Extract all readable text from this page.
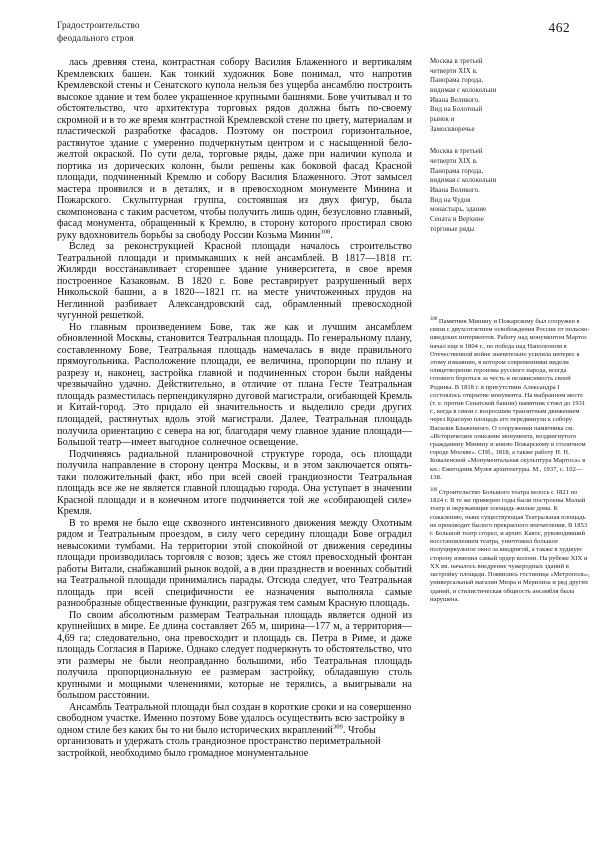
Градостроительство
феодального строя
462

лась древняя стена, контрастная собору Василия Блаженного и вертикалям Кремлевских башен. Как тонкий художник Бове понимал, что напротив Кремлевской стены и Сенатского купола нельзя без ущерба ансамблю построить высокое здание и тем более украшенное крупными башнями. Бове учитывал и то обстоятельство, что архитектура торговых рядов должна быть по-своему скромной и в то же время контрастной Кремлевской стене по цвету, материалам и пластической разработке фасадов. Поэтому он построил горизонтальное, растянутое здание с умеренно подчеркнутым центром и с насыщенной бело-желтой окраской. По сути дела, торговые ряды, даже при наличии купола и портика из дорических колонн, были решены как боковой фасад Красной площади, подчиненный Кремлю и собору Василия Блаженного. Этот замысел мастера проявился и в деталях, и в превосходном монументе Минина и Пожарского. Скульптурная группа, состоявшая из двух фигур, была скомпонована с таким расчетом, чтобы получить лишь один, безусловно главный, фасад монумента, обращенный к Кремлю, в сторону которого простирал свою руку вдохновитель борьбы за свободу России Козьма Минин$^{308}$.

Вслед за реконструкцией Красной площади началось строительство Театральной площади и примыкавших к ней ансамблей. В 1817—1818 гг. Жилярди восстанавливает сгоревшее здание университета, в свое время построенное Казаковым. В 1820 г. Бове реставрирует разрушенный верх Никольской башни, а в 1820—1821 гг. на месте уничтоженных прудов на Неглинной разбивает Александровский сад, обрамленный превосходной чугунной решеткой.

Но главным произведением Бове, так же как и лучшим ансамблем обновленной Москвы, становится Театральная площадь. По генеральному плану, составленному Бове, Театральная площадь намечалась в виде правильного прямоугольника. Расположение площади, ее величина, пропорции по плану и разрезу и, наконец, застройка главной и подчиненных сторон были найдены чрезвычайно удачно. Действительно, в отличие от плана Гесте Театральная площадь разместилась перпендикулярно дуговой магистрали, огибающей Кремль и Китай-город. Это придало ей значительность и выделило среди других площадей, растянутых вдоль этой магистрали. Далее, Театральная площадь получила ориентацию с севера на юг, благодаря чему главное здание площади—Большой театр—имеет выгодное солнечное освещение.

Подчиняясь радиальной планировочной структуре города, ось площади получила направление в сторону центра Москвы, и в этом заключается опять-таки положительный факт, ибо при всей своей грандиозности Театральная площадь все же не является главной площадью города. Она уступает в значении Красной площади и в конечном итоге подчиняется той же «собирающей силе» Кремля.

В то время не было еще сквозного интенсивного движения между Охотным рядом и Театральным проездом, в силу чего середину площади Бове оградил невысокими тумбами. На территории этой спокойной от движения середины площади производилась торговля с возов; здесь же стоял превосходный фонтан работы Витали, снабжавший рынок водой, а в дни празднеств и военных событий на Театральной площади принимались парады. Отсюда следует, что Театральная площадь при всей специфичности ее назначения выполняла самые разнообразные общественные функции, разгружая тем самым Красную площадь.

По своим абсолютным размерам Театральная площадь является одной из крупнейших в мире. Ее длина составляет 265 м, ширина—177 м, а территория—4,69 га; следовательно, она превосходит и площадь св. Петра в Риме, и даже площадь Согласия в Париже. Однако следует подчеркнуть то обстоятельство, что эти размеры не были неоправданно большими, ибо Театральная площадь получила пропорциональную ее размерам застройку, обладавшую столь крупными и мощными членениями, которые не терялись, а выигрывали на большом расстоянии.

Ансамбль Театральной площади был создан в короткие сроки и на совершенно свободном участке. Именно поэтому Бове удалось осуществить всю застройку в одном стиле без каких бы то ни было исторических вкраплений$^{309}$. Чтобы организовать и удержать столь грандиозное пространство периметральной застройкой, необходимо было громадное монументальное

Москва в третьей
четверти XIX в.
Панорама города,
видимая с колокольни
Ивана Великого.
Вид на Болотный
рынок и
Замоскворечье
Москва в третьей
четверти XIX в.
Панорама города,
видимая с колокольни
Ивана Великого.
Вид на Чудов
монастырь, здание
Сената и Верхние
торговые ряды
$^{308}$ Памятник Минину и Пожарскому был сооружен в связи с двухсотлетием освобождения России от польско-шведских интервентов. Работу над монументом Мартос начал еще в 1804 г., но победа над Наполеоном в Отечественной войне значительно усилила интерес к этому изваянию, в котором современники видели олицетворение героизма русского народа, всегда готового бороться за честь и независимость своей Родины. В 1818 г. в присутствии Александра I состоялось открытие монумента. На выбранном месте (т. е. против Сенатской башни) памятник стоял до 1931 г., когда в связи с возросшим транзитным движением через Красную площадь его передвинули к собору Василия Блаженного. О сооружении памятника см. «Историческое описание монумента, воздвигнутого гражданину Минину и князю Пожарскому в столичном городе Москве». СПб., 1818, а также работу Н. Н. Коваленской «Монументальная скульптура Мартоса» в кн.: Ежегодник Музея архитектуры. М., 1937, с. 102—138.
$^{309}$ Строительство Большого театра велось с 1821 по 1824 г. В те же примерно годы были построены Малый театр и окружающие площадь жилые дома. К сожалению, ныне существующая Театральная площадь не производит былого прекрасного впечатления. В 1853 г. Большой театр сгорел, и архит. Кавос, руководивший восстановлением театра, уничтожил большое полуциркульное окно за квадригой, а также в худшую сторону изменил самый ордер колонн. На рубеже XIX и XX вв. началось внедрение чужеродных зданий в застройку площади. Появились гостиница «Метрополь», универсальный магазин Мюра и Мерилиза и ряд других зданий, и стилистическая общность ансамбля была нарушена.
